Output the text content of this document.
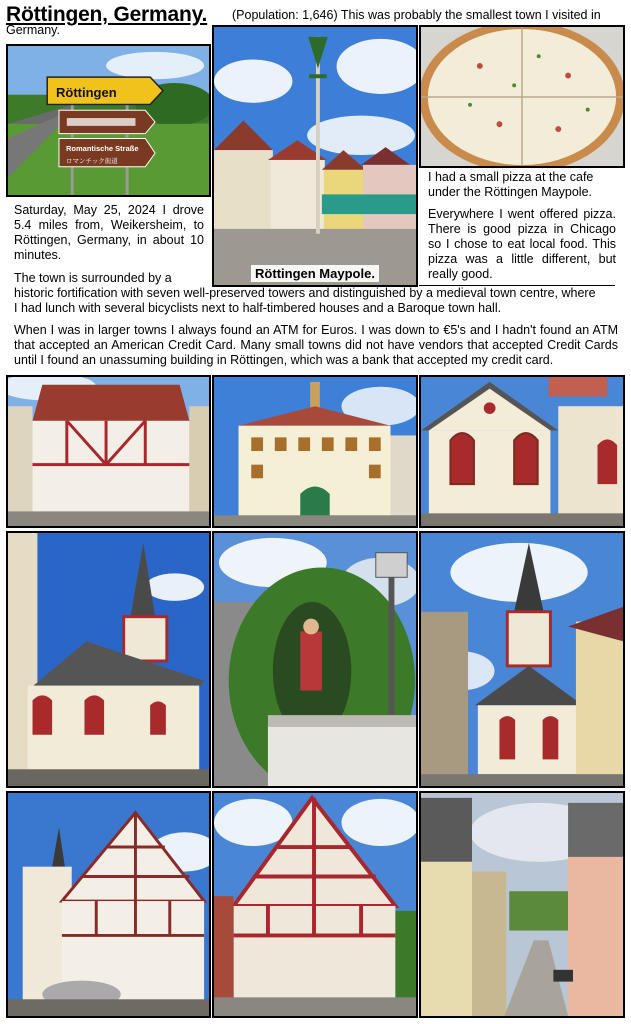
Röttingen, Germany. (Population: 1,646) This was probably the smallest town I visited in
Germany.
Röttingen
Romantische Straße
ロマンチック街道
Röttingen Maypole.
I had a small pizza at the cafe under the Röttingen Maypole.
Everywhere I went offered pizza. There is good pizza in Chicago so I chose to eat local food. This pizza was a little different, but really good.
Saturday, May 25, 2024 I drove 5.4 miles from, Weikersheim, to Röttingen, Germany, in about 10 minutes.
The town is surrounded by a
historic fortification with seven well-preserved towers and distinguished by a medieval town centre, where
I had lunch with several bicyclists next to half-timbered houses and a Baroque town hall.
When I was in larger towns I always found an ATM for Euros. I was down to €5's and I hadn't found an ATM that accepted an American Credit Card. Many small towns did not have vendors that accepted Credit Cards until I found an unassuming building in Röttingen, which was a bank that accepted my credit card.
